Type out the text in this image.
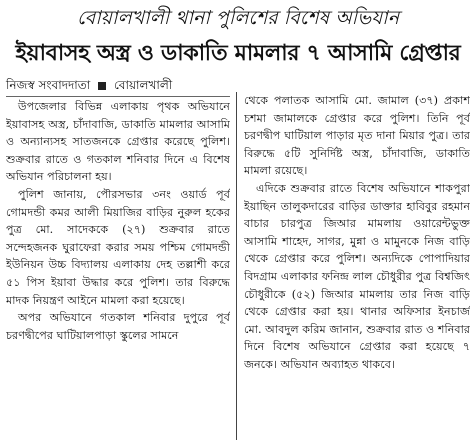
বোয়ালখালী থানা পুলিশের বিশেষ অভিযান
ইয়াবাসহ অস্ত্র ও ডাকাতি মামলার ৭ আসামি গ্রেপ্তার
নিজস্ব সংবাদদাতা বোয়ালখালী

উপজেলার বিভিন্ন এলাকায় পৃথক অভিযানে ইয়াবাসহ অস্ত্র, চাঁদাবাজি, ডাকাতি মামলার আসামি ও অন্যান্যসহ সাতজনকে গ্রেপ্তার করেছে পুলিশ। শুক্রবার রাতে ও গতকাল শনিবার দিনে এ বিশেষ অভিযান পরিচালনা হয়।

পুলিশ জানায়, পৌরসভার ৩নং ওয়ার্ড পূর্ব গোমদন্ডী কমর আলী মিয়াজির বাড়ির নুরুল হকের পুত্র মো. সাদেককে (২৭) শুক্রবার রাতে সন্দেহজনক ঘুরাফেরা করার সময় পশ্চিম গোমদন্ডী ইউনিয়ন উচ্চ বিদ্যালয় এলাকায় দেহ তল্লাশী করে ৫১ পিস ইয়াবা উদ্ধার করে পুলিশ। তার বিরুদ্ধে মাদক নিয়ন্ত্রণ আইনে মামলা করা হয়েছে।

অপর অভিযানে গতকাল শনিবার দুপুরে পূর্ব চরণদ্বীপের ঘাটিয়ালপাড়া স্কুলের সামনে

থেকে পলাতক আসামি মো. জামাল (৩৭) প্রকাশ চশমা জামালকে গ্রেপ্তার করে পুলিশ। তিনি পূর্ব চরণদ্বীপ ঘাটিয়াল পাড়ার মৃত দানা মিয়ার পুত্র। তার বিরুদ্ধে ৫টি সুনির্দিষ্ট অস্ত্র, চাঁদাবাজি, ডাকাতি মামলা রয়েছে।

এদিকে শুক্রবার রাতে বিশেষ অভিযানে শাকপুরা ইয়াছিন তালুকদারের বাড়ির ডাক্তার হাবিবুর রহমান বাচার চারপুত্র জিআর মামলায় ওয়ারেন্টভুক্ত আসামি শাহেদ, সাগর, মুন্না ও মামুনকে নিজ বাড়ি থেকে গ্রেপ্তার করে পুলিশ। অন্যদিকে পোপাদিয়ার বিদগ্রাম এলাকার ফনিন্দ্র লাল চৌধুরীর পুত্র বিশ্বজিৎ চৌধুরীকে (৫২) জিআর মামলায় তার নিজ বাড়ি থেকে গ্রেপ্তার করা হয়। থানার অফিসার ইনচার্জ মো. আবদুল করিম জানান, শুক্রবার রাত ও শনিবার দিনে বিশেষ অভিযানে গ্রেপ্তার করা হয়েছে ৭ জনকে। অভিযান অব্যাহত থাকবে।
